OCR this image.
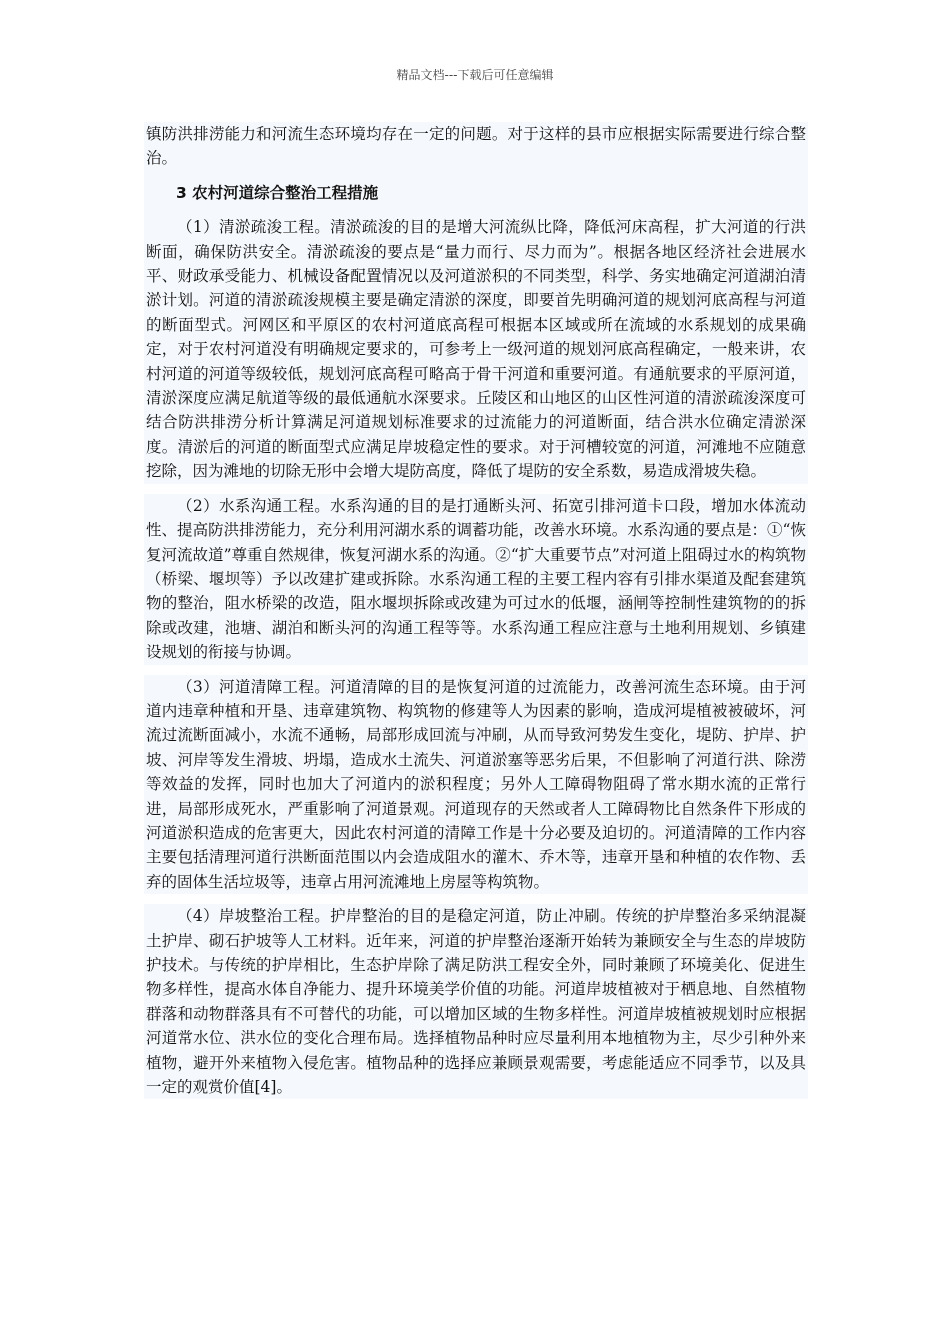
精品文档---下载后可任意编辑

镇防洪排涝能力和河流生态环境均存在一定的问题。对于这样的县市应根据实际需要进行综合整治。

3 农村河道综合整治工程措施

（1）清淤疏浚工程。清淤疏浚的目的是增大河流纵比降，降低河床高程，扩大河道的行洪断面，确保防洪安全。清淤疏浚的要点是“量力而行、尽力而为”。根据各地区经济社会进展水平、财政承受能力、机械设备配置情况以及河道淤积的不同类型，科学、务实地确定河道湖泊清淤计划。河道的清淤疏浚规模主要是确定清淤的深度，即要首先明确河道的规划河底高程与河道的断面型式。河网区和平原区的农村河道底高程可根据本区域或所在流域的水系规划的成果确定，对于农村河道没有明确规定要求的，可参考上一级河道的规划河底高程确定，一般来讲，农村河道的河道等级较低，规划河底高程可略高于骨干河道和重要河道。有通航要求的平原河道，清淤深度应满足航道等级的最低通航水深要求。丘陵区和山地区的山区性河道的清淤疏浚深度可结合防洪排涝分析计算满足河道规划标准要求的过流能力的河道断面，结合洪水位确定清淤深度。清淤后的河道的断面型式应满足岸坡稳定性的要求。对于河槽较宽的河道，河滩地不应随意挖除，因为滩地的切除无形中会增大堤防高度，降低了堤防的安全系数，易造成滑坡失稳。

（2）水系沟通工程。水系沟通的目的是打通断头河、拓宽引排河道卡口段，增加水体流动性、提高防洪排涝能力，充分利用河湖水系的调蓄功能，改善水环境。水系沟通的要点是：①“恢复河流故道”尊重自然规律，恢复河湖水系的沟通。②“扩大重要节点”对河道上阻碍过水的构筑物（桥梁、堰坝等）予以改建扩建或拆除。水系沟通工程的主要工程内容有引排水渠道及配套建筑物的整治，阻水桥梁的改造，阻水堰坝拆除或改建为可过水的低堰，涵闸等控制性建筑物的的拆除或改建，池塘、湖泊和断头河的沟通工程等等。水系沟通工程应注意与土地利用规划、乡镇建设规划的衔接与协调。

（3）河道清障工程。河道清障的目的是恢复河道的过流能力，改善河流生态环境。由于河道内违章种植和开垦、违章建筑物、构筑物的修建等人为因素的影响，造成河堤植被被破坏，河流过流断面减小，水流不通畅，局部形成回流与冲刷，从而导致河势发生变化，堤防、护岸、护坡、河岸等发生滑坡、坍塌，造成水土流失、河道淤塞等恶劣后果，不但影响了河道行洪、除涝等效益的发挥，同时也加大了河道内的淤积程度；另外人工障碍物阻碍了常水期水流的正常行进，局部形成死水，严重影响了河道景观。河道现存的天然或者人工障碍物比自然条件下形成的河道淤积造成的危害更大，因此农村河道的清障工作是十分必要及迫切的。河道清障的工作内容主要包括清理河道行洪断面范围以内会造成阻水的灌木、乔木等，违章开垦和种植的农作物、丢弃的固体生活垃圾等，违章占用河流滩地上房屋等构筑物。

（4）岸坡整治工程。护岸整治的目的是稳定河道，防止冲刷。传统的护岸整治多采纳混凝土护岸、砌石护坡等人工材料。近年来，河道的护岸整治逐渐开始转为兼顾安全与生态的岸坡防护技术。与传统的护岸相比，生态护岸除了满足防洪工程安全外，同时兼顾了环境美化、促进生物多样性，提高水体自净能力、提升环境美学价值的功能。河道岸坡植被对于栖息地、自然植物群落和动物群落具有不可替代的功能，可以增加区域的生物多样性。河道岸坡植被规划时应根据河道常水位、洪水位的变化合理布局。选择植物品种时应尽量利用本地植物为主，尽少引种外来植物，避开外来植物入侵危害。植物品种的选择应兼顾景观需要，考虑能适应不同季节，以及具一定的观赏价值[4]。
